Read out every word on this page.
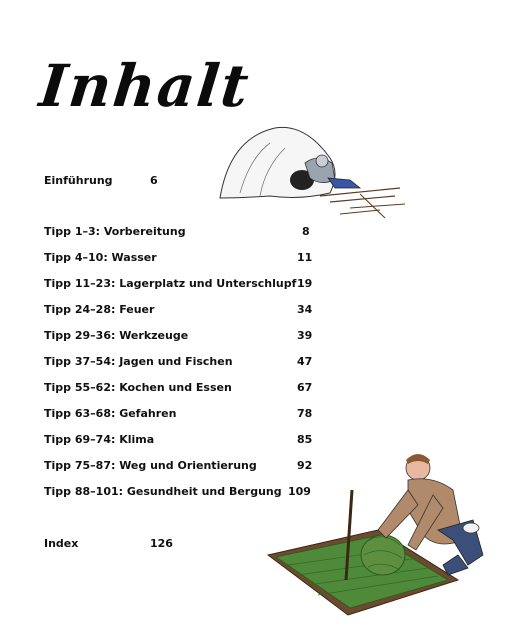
Inhalt
Einführung	6
Tipp 1–3: Vorbereitung	8
Tipp 4–10: Wasser	11
Tipp 11–23: Lagerplatz und Unterschlupf 19
Tipp 24–28: Feuer	34
Tipp 29–36: Werkzeuge	39
Tipp 37–54: Jagen und Fischen	47
Tipp 55–62: Kochen und Essen	67
Tipp 63–68: Gefahren	78
Tipp 69–74: Klima	85
Tipp 75–87: Weg und Orientierung	92
Tipp 88–101: Gesundheit und Bergung 109
Index	126
